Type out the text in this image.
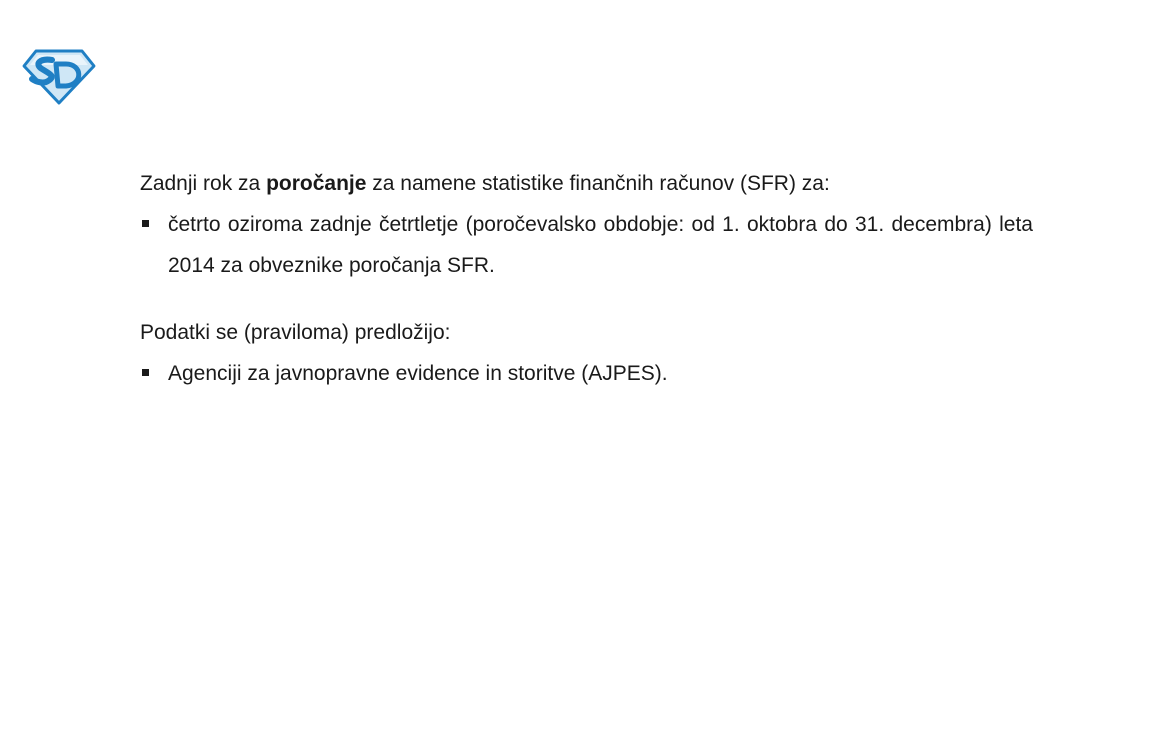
Zadnji rok za poročanje za namene statistike finančnih računov (SFR) za:

četrto oziroma zadnje četrtletje (poročevalsko obdobje: od 1. oktobra do 31. decembra) leta 2014 za obveznike poročanja SFR.

Podatki se (praviloma) predložijo:

Agenciji za javnopravne evidence in storitve (AJPES).
